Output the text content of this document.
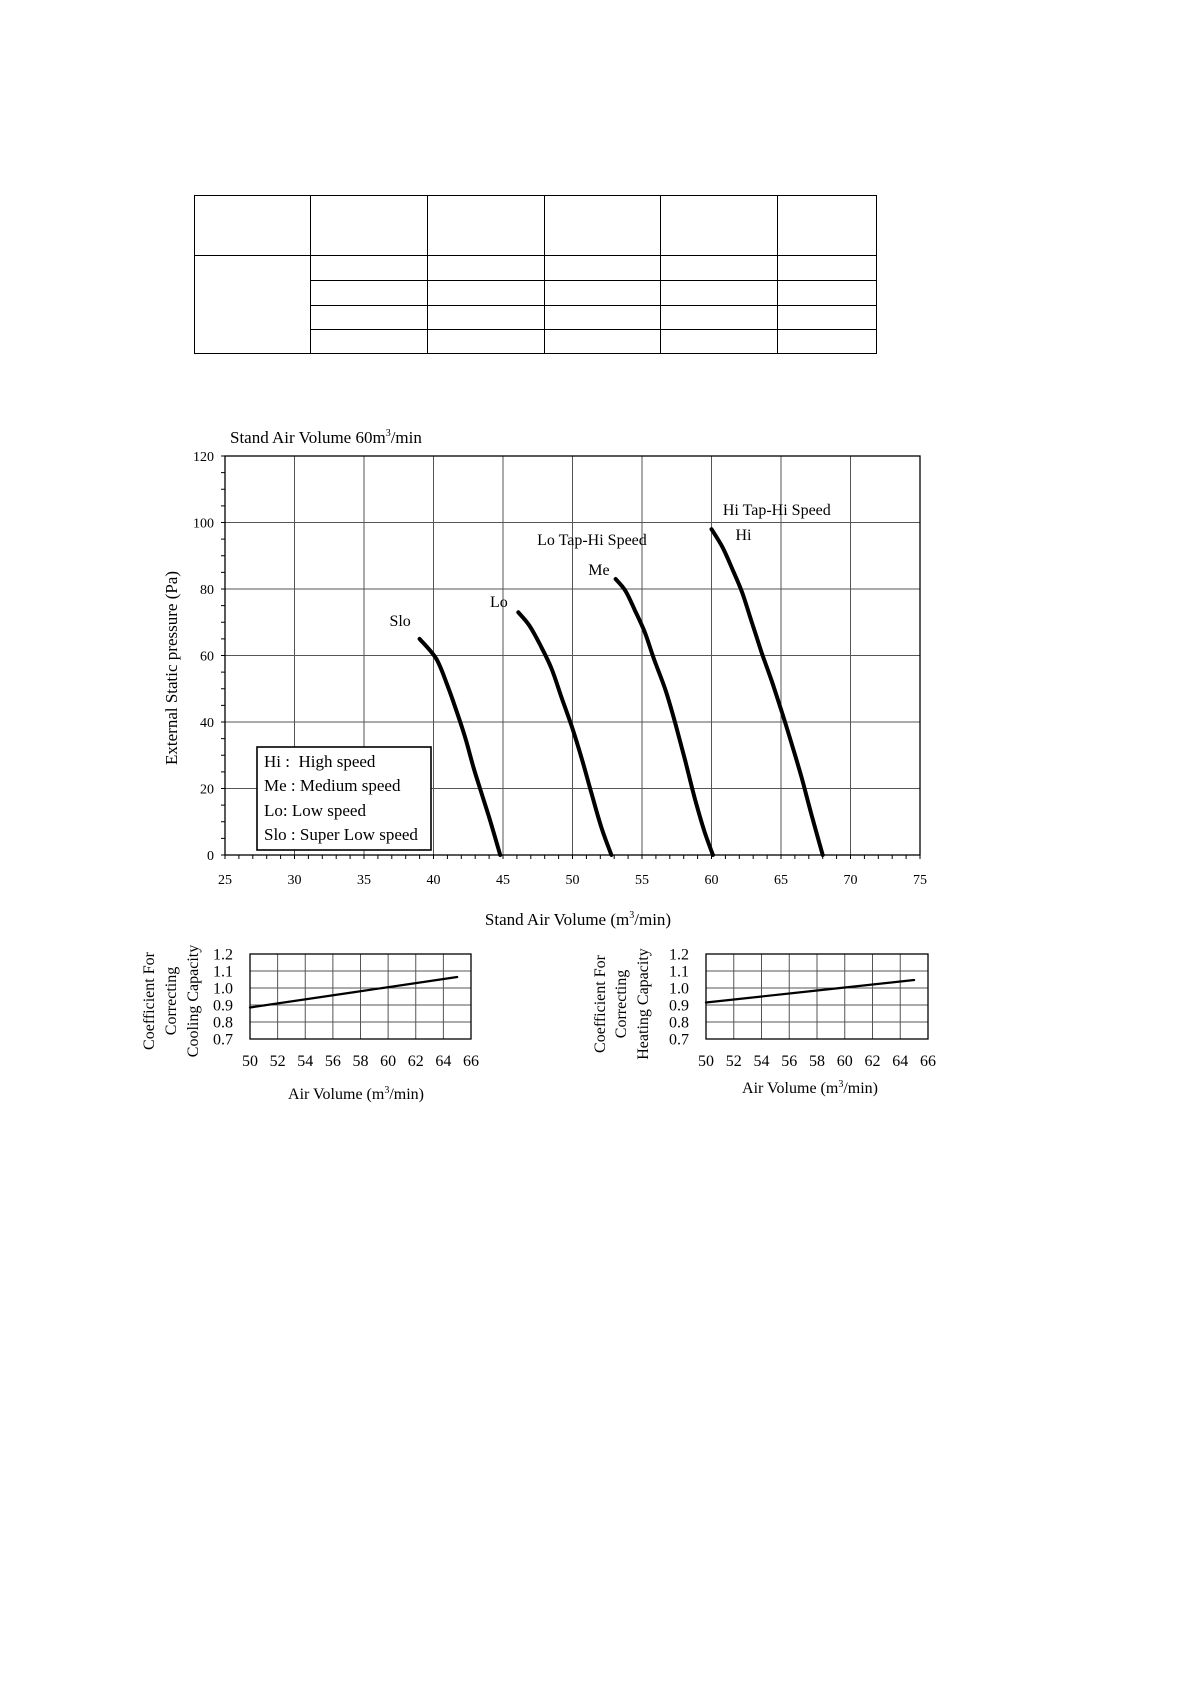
25	30	35	40	45	50	55	60	65	70	75
0
20
40
60
80
100
120
Slo
Lo
Me
Hi
Lo Tap-Hi Speed
Hi Tap-Hi Speed
Hi :  High speed
Me : Medium speed
Lo: Low speed
Slo : Super Low speed
Stand Air Volume $60m^3/\min$
External Static pressure (Pa)
Stand Air Volume $(m^3/\min)$
50 52 54 56 58 60 62 64 66
0.7
0.8
0.9
1.0
1.1
1.2
Coefficient For Correcting Cooling Capacity
Air Volume $(m^3/\min)$
50 52 54 56 58 60 62 64 66
0.7
0.8
0.9
1.0
1.1
1.2
Coefficient For Correcting Heating Capacity
Air Volume $(m^3/\min)$
